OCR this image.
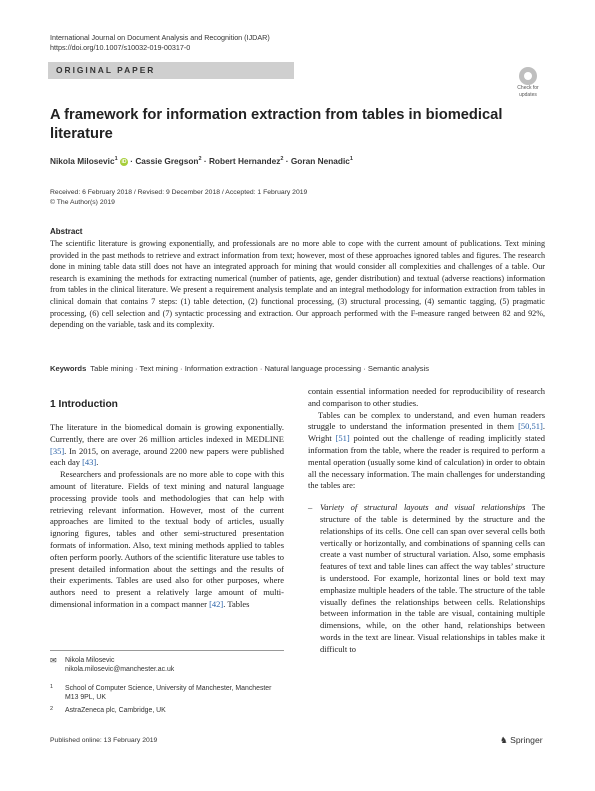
International Journal on Document Analysis and Recognition (IJDAR)
https://doi.org/10.1007/s10032-019-00317-0
ORIGINAL PAPER
Check for
updates
A framework for information extraction from tables in biomedical literature
Nikola Milosevic$^1$ iD · Cassie Gregson$^2$ · Robert Hernandez$^2$ · Goran Nenadic$^1$
Received: 6 February 2018 / Revised: 9 December 2018 / Accepted: 1 February 2019
© The Author(s) 2019
Abstract
The scientific literature is growing exponentially, and professionals are no more able to cope with the current amount of publications. Text mining provided in the past methods to retrieve and extract information from text; however, most of these approaches ignored tables and figures. The research done in mining table data still does not have an integrated approach for mining that would consider all complexities and challenges of a table. Our research is examining the methods for extracting numerical (number of patients, age, gender distribution) and textual (adverse reactions) information from tables in the clinical literature. We present a requirement analysis template and an integral methodology for information extraction from tables in clinical domain that contains 7 steps: (1) table detection, (2) functional processing, (3) structural processing, (4) semantic tagging, (5) pragmatic processing, (6) cell selection and (7) syntactic processing and extraction. Our approach performed with the F-measure ranged between 82 and 92%, depending on the variable, task and its complexity.
Keywords Table mining · Text mining · Information extraction · Natural language processing · Semantic analysis
1 Introduction

The literature in the biomedical domain is growing exponentially. Currently, there are over 26 million articles indexed in MEDLINE [35]. In 2015, on average, around 2200 new papers were published each day [43].

Researchers and professionals are no more able to cope with this amount of literature. Fields of text mining and natural language processing provide tools and methodologies that can help with retrieving relevant information. However, most of the current approaches are limited to the textual body of articles, usually ignoring figures, tables and other semi-structured presentation formats of information. Also, text mining methods applied to tables often perform poorly. Authors of the scientific literature use tables to present detailed information about the settings and the results of their experiments. Tables are used also for other purposes, where authors need to present a relatively large amount of multi-dimensional information in a compact manner [42]. Tables

contain essential information needed for reproducibility of research and comparison to other studies.

Tables can be complex to understand, and even human readers struggle to understand the information presented in them [50,51]. Wright [51] pointed out the challenge of reading implicitly stated information from the table, where the reader is required to perform a mental operation (usually some kind of calculation) in order to obtain all the necessary information. The main challenges for understanding the tables are:

– Variety of structural layouts and visual relationships The structure of the table is determined by the structure and the relationships of its cells. One cell can span over several cells both vertically or horizontally, and combinations of spanning cells can create a vast number of structural variation. Also, some emphasis features of text and table lines can affect the way tables’ structure is understood. For example, horizontal lines or bold text may emphasize multiple headers of the table. The structure of the table visually defines the relationships between cells. Relationships between information in the table are visual, containing multiple dimensions, while, on the other hand, relationships between words in the text are linear. Visual relationships in tables make it difficult to
✉ Nikola Milosevic
nikola.milosevic@manchester.ac.uk
1 School of Computer Science, University of Manchester, Manchester M13 9PL, UK
2 AstraZeneca plc, Cambridge, UK
Published online: 13 February 2019	♞ Springer
